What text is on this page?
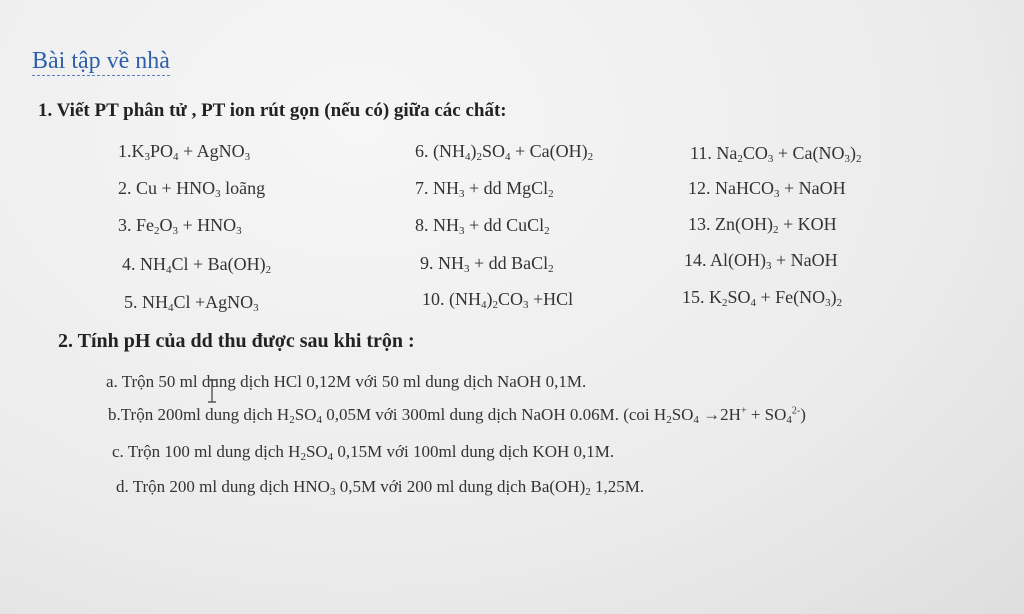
Bài tập về nhà
1. Viết PT phân tử , PT ion rút gọn (nếu có) giữa các chất:
$1.K_3PO_4$ + AgNO$_3$
2. $Cu + HNO_3$ loãng
3. $Fe_2O_3 + HNO_3$
4. $NH_4Cl + Ba(OH)_2$
5. $NH_4Cl$ +AgNO$_3$
6. $(NH_4)_2SO_4 + Ca(OH)_2$
7. $NH_3$ + dd MgCl$_2$
8. $NH_3$ + dd CuCl$_2$
9. $NH_3$ + dd BaCl$_2$
10. $(NH_4)_2CO_3 +HCl$
11. $Na_2CO_3 + Ca(NO_3)_2$
12. NaHCO$_3$ + NaOH
13. $Zn(OH)_2$ + KOH
14. $Al(OH)_3$ + NaOH
15. $K_2SO_4 + Fe(NO_3)_2$
2. Tính pH của dd thu được sau khi trộn :
a. Trộn 50 ml dung dịch HCl 0,12M với 50 ml dung dịch NaOH 0,1M.
b.Trộn 200ml dung dịch $H_2SO_4$ 0,05M với 300ml dung dịch NaOH 0.06M. (coi $H_2SO_4 \to 2H^+ + SO_4^{2-}$)
c. Trộn 100 ml dung dịch $H_2SO_4$ 0,15M với 100ml dung dịch KOH 0,1M.
d. Trộn 200 ml dung dịch $HNO_3$ 0,5M với 200 ml dung dịch $Ba(OH)_2$ 1,25M.
